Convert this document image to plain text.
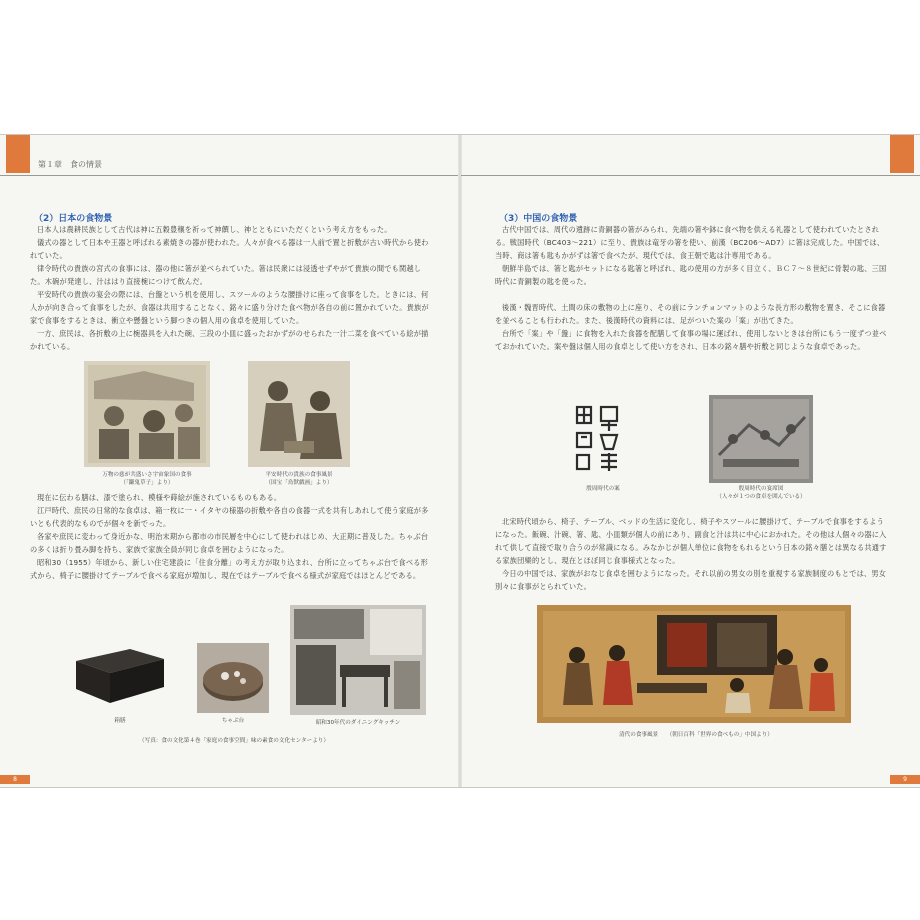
第１章　食の情景
（2）日本の食物景

日本人は農耕民族として古代は神に五穀豊穣を祈って神饌し、神とともにいただくという考え方をもった。

儀式の器として日本や王器と呼ばれる素焼きの器が使われた。人々が食べる器は一人前で置と折敷が古い時代から使われていた。

律令時代の貴族の宮式の食事には、器の他に箸が並べられていた。箸は民衆には浸透せずやがて貴族の間でも関越した。木碗が発達し、汁ははり直接椀につけて飲んだ。

平安時代の貴族の宴会の際には、台盤という机を使用し、スツールのような腰掛けに座って食事をした。ときには、何人かが向き合って食事をしたが、食器は共用することなく、銘々に盛り分けた食べ物が各自の前に置かれていた。貴族が家で食事をするときは、衝立や懸盤という脚つきの個人用の食卓を使用していた。

一方、庶民は、各折敷の上に椀器具を入れた碗、三段の小皿に盛ったおかずがのせられた一汁二菜を食べている絵が描かれている。

万物の慈が共盛いさ宇宙象国の食事
（「鎌鬼草子」より）
平安時代の貴族の食事風景
（国宝「鳥獣戯画」より）

現在に伝わる膳は、漆で塗られ、模様や蒔絵が施されているものもある。

江戸時代、庶民の日常的な食卓は、箱一枚に一・イタヤの様器の折敷や各自の食器一式を共有しあれして使う家庭が多いとも代表的なものでが個々を新でった。

各家や庶民に変わって身近かな、明治末期から都市の市民層を中心にして使われはじめ、大正期に普及した。ちゃぶ台の多くは折り畳み脚を持ち、家族で家族全員が同じ食卓を囲むようになった。

昭和30（1955）年頃から、新しい住宅建設に「住食分離」の考え方が取り込まれ、台所に立ってちゃぶ台で食べる形式から、椅子に腰掛けてテーブルで食べる家庭が増加し、現在ではテーブルで食べる様式が家庭ではほとんどである。

箱膳	ちゃぶ台	昭和30年代のダイニングキッチン
（写真：食の文化第４巻「家庭の食事空間」味の素食の文化センターより）
8
（3）中国の食物景

古代中国では、周代の遺跡に青銅器の箸がみられ、先端の箸や鉢に食べ物を供える礼器として使われていたとされる。戦国時代（BC403〜221）に至り、貴族は竜牙の箸を使い、前漢（BC206〜AD7）に箸は完成した。中国では、当時、商は箸も匙もかがずは箸で食べたが、現代では、食王朝で匙は汁専用である。

朝鮮半島では、箸と匙がセットになる匙箸と呼ばれ、匙の使用の方が多く目立く、ＢＣ７〜８世紀に骨製の匙、三国時代に青銅製の匙を使った。

後漢・魏晋時代、土間の床の敷物の上に座り、その前にランチョンマットのような長方形の敷物を置き、そこに食器を並べることも行われた。また、後漢時代の資料には、足がついた案の「案」が出てきた。

台所で「案」や「盤」に食物を入れた食器を配膳して食事の場に運ばれ、使用しないときは台所にもう一度ずつ並べておかれていた。案や盤は個人用の食卓として使い方をされ、日本の銘々膳や折敷と同じような食卓であった。

殷周時代の案	殷周時代の宴席図
（人々が１つの食卓を囲んでいる）

北宋時代頃から、椅子、テーブル、ベッドの生活に変化し、椅子やスツールに腰掛けて、テーブルで食事をするようになった。飯碗、汁碗、箸、匙、小皿類が個人の前にあり、副食と汁は共に中心におかれた。その他は人個々の器に入れて供して直接で取り合うのが常識になる。みなかじが個人単位に食物をもれるという日本の銘々膳とは異なる共通する家族団欒的とし、現在とほぼ同じ食事様式となった。

今日の中国では、家族がおなじ食卓を囲むようになった。それ以前の男女の別を重視する家族制度のもとでは、男女別々に食事がとられていた。

清代の食事風景　　（朝日百科「世界の食べもの」中国より）
9
